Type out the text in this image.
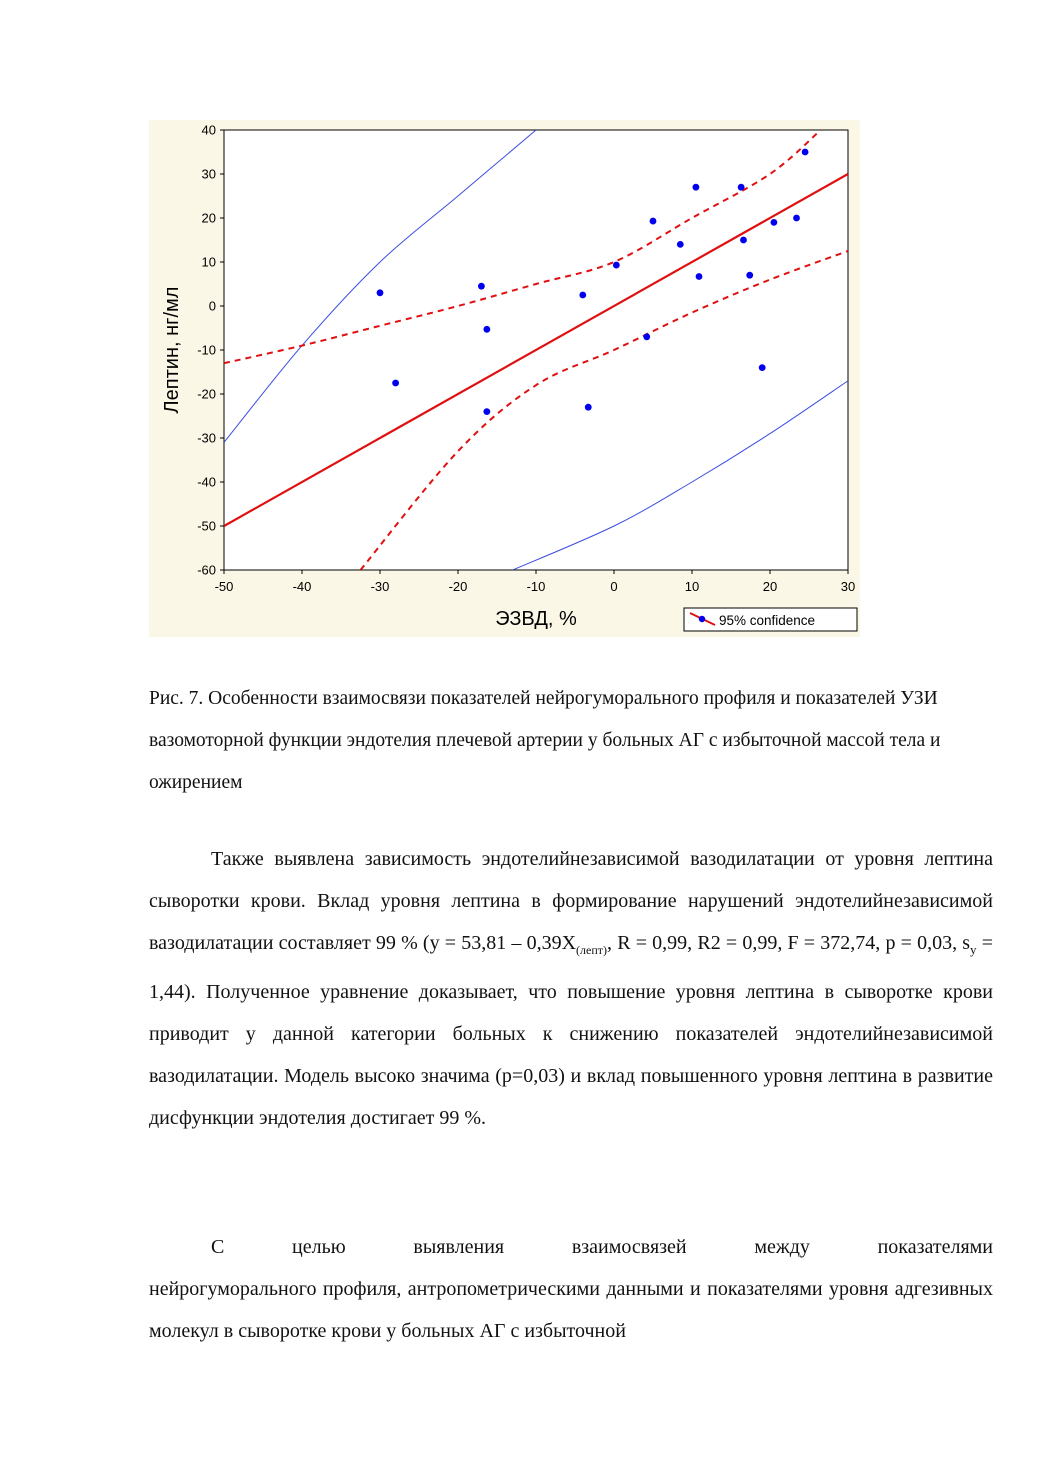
-50	-40	-30	-20	-10	0	10	20	30
40
30
20
10
0
-10
-20
-30
-40
-50
-60
ЭЗВД, %
Лептин, нг/мл
95% confidence
Рис. 7. Особенности взаимосвязи показателей нейрогуморального профиля и показателей УЗИ вазомоторной функции эндотелия плечевой артерии у больных АГ с избыточной массой тела и ожирением
Также выявлена зависимость эндотелийнезависимой вазодилатации от уровня лептина сыворотки крови. Вклад уровня лептина в формирование нарушений эндотелийнезависимой вазодилатации составляет 99 % ($y = 53,81 - 0,39X_{(лепт)}$, R = 0,99, R2 = 0,99, F = 372,74, p = 0,03, $s_y = 1,44$). Полученное уравнение доказывает, что повышение уровня лептина в сыворотке крови приводит у данной категории больных к снижению показателей эндотелийнезависимой вазодилатации. Модель высоко значима (р=0,03) и вклад повышенного уровня лептина в развитие дисфункции эндотелия достигает 99 %.
С целью выявления взаимосвязей между показателями
нейрогуморального профиля, антропометрическими данными и показателями уровня адгезивных молекул в сыворотке крови у больных АГ с избыточной
